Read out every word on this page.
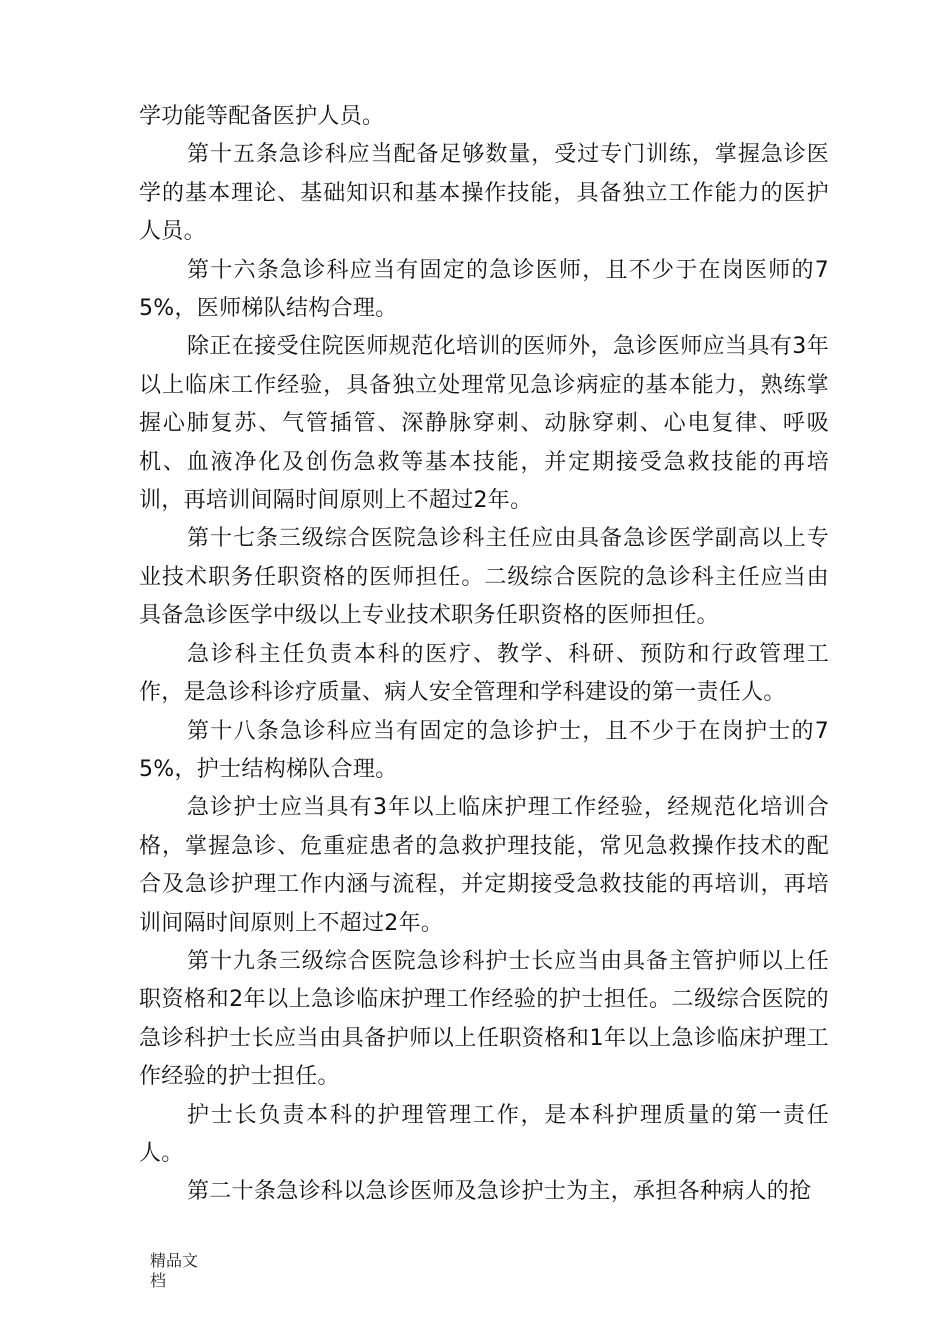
学功能等配备医护人员。

第十五条急诊科应当配备足够数量，受过专门训练，掌握急诊医学的基本理论、基础知识和基本操作技能，具备独立工作能力的医护人员。

第十六条急诊科应当有固定的急诊医师，且不少于在岗医师的75%，医师梯队结构合理。

除正在接受住院医师规范化培训的医师外，急诊医师应当具有3年以上临床工作经验，具备独立处理常见急诊病症的基本能力，熟练掌握心肺复苏、气管插管、深静脉穿刺、动脉穿刺、心电复律、呼吸机、血液净化及创伤急救等基本技能，并定期接受急救技能的再培训，再培训间隔时间原则上不超过2年。

第十七条三级综合医院急诊科主任应由具备急诊医学副高以上专业技术职务任职资格的医师担任。二级综合医院的急诊科主任应当由具备急诊医学中级以上专业技术职务任职资格的医师担任。

急诊科主任负责本科的医疗、教学、科研、预防和行政管理工作，是急诊科诊疗质量、病人安全管理和学科建设的第一责任人。

第十八条急诊科应当有固定的急诊护士，且不少于在岗护士的75%，护士结构梯队合理。

急诊护士应当具有3年以上临床护理工作经验，经规范化培训合格，掌握急诊、危重症患者的急救护理技能，常见急救操作技术的配合及急诊护理工作内涵与流程，并定期接受急救技能的再培训，再培训间隔时间原则上不超过2年。

第十九条三级综合医院急诊科护士长应当由具备主管护师以上任职资格和2年以上急诊临床护理工作经验的护士担任。二级综合医院的急诊科护士长应当由具备护师以上任职资格和1年以上急诊临床护理工作经验的护士担任。

护士长负责本科的护理管理工作，是本科护理质量的第一责任人。

第二十条急诊科以急诊医师及急诊护士为主，承担各种病人的抢

精品文
档
